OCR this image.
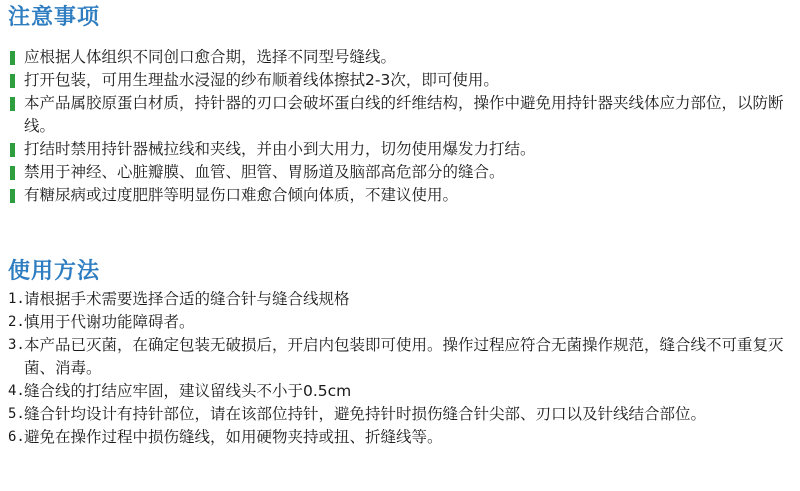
注意事项
应根据人体组织不同创口愈合期，选择不同型号缝线。
打开包装，可用生理盐水浸湿的纱布顺着线体擦拭2-3次，即可使用。
本产品属胶原蛋白材质，持针器的刃口会破坏蛋白线的纤维结构，操作中避免用持针器夹线体应力部位，以防断线。
打结时禁用持针器械拉线和夹线，并由小到大用力，切勿使用爆发力打结。
禁用于神经、心脏瓣膜、血管、胆管、胃肠道及脑部高危部分的缝合。
有糖尿病或过度肥胖等明显伤口难愈合倾向体质，不建议使用。
使用方法
1. 请根据手术需要选择合适的缝合针与缝合线规格
2. 慎用于代谢功能障碍者。
3. 本产品已灭菌，在确定包装无破损后，开启内包装即可使用。操作过程应符合无菌操作规范，缝合线不可重复灭菌、消毒。
4. 缝合线的打结应牢固，建议留线头不小于0.5cm
5. 缝合针均设计有持针部位，请在该部位持针，避免持针时损伤缝合针尖部、刃口以及针线结合部位。
6. 避免在操作过程中损伤缝线，如用硬物夹持或扭、折缝线等。
